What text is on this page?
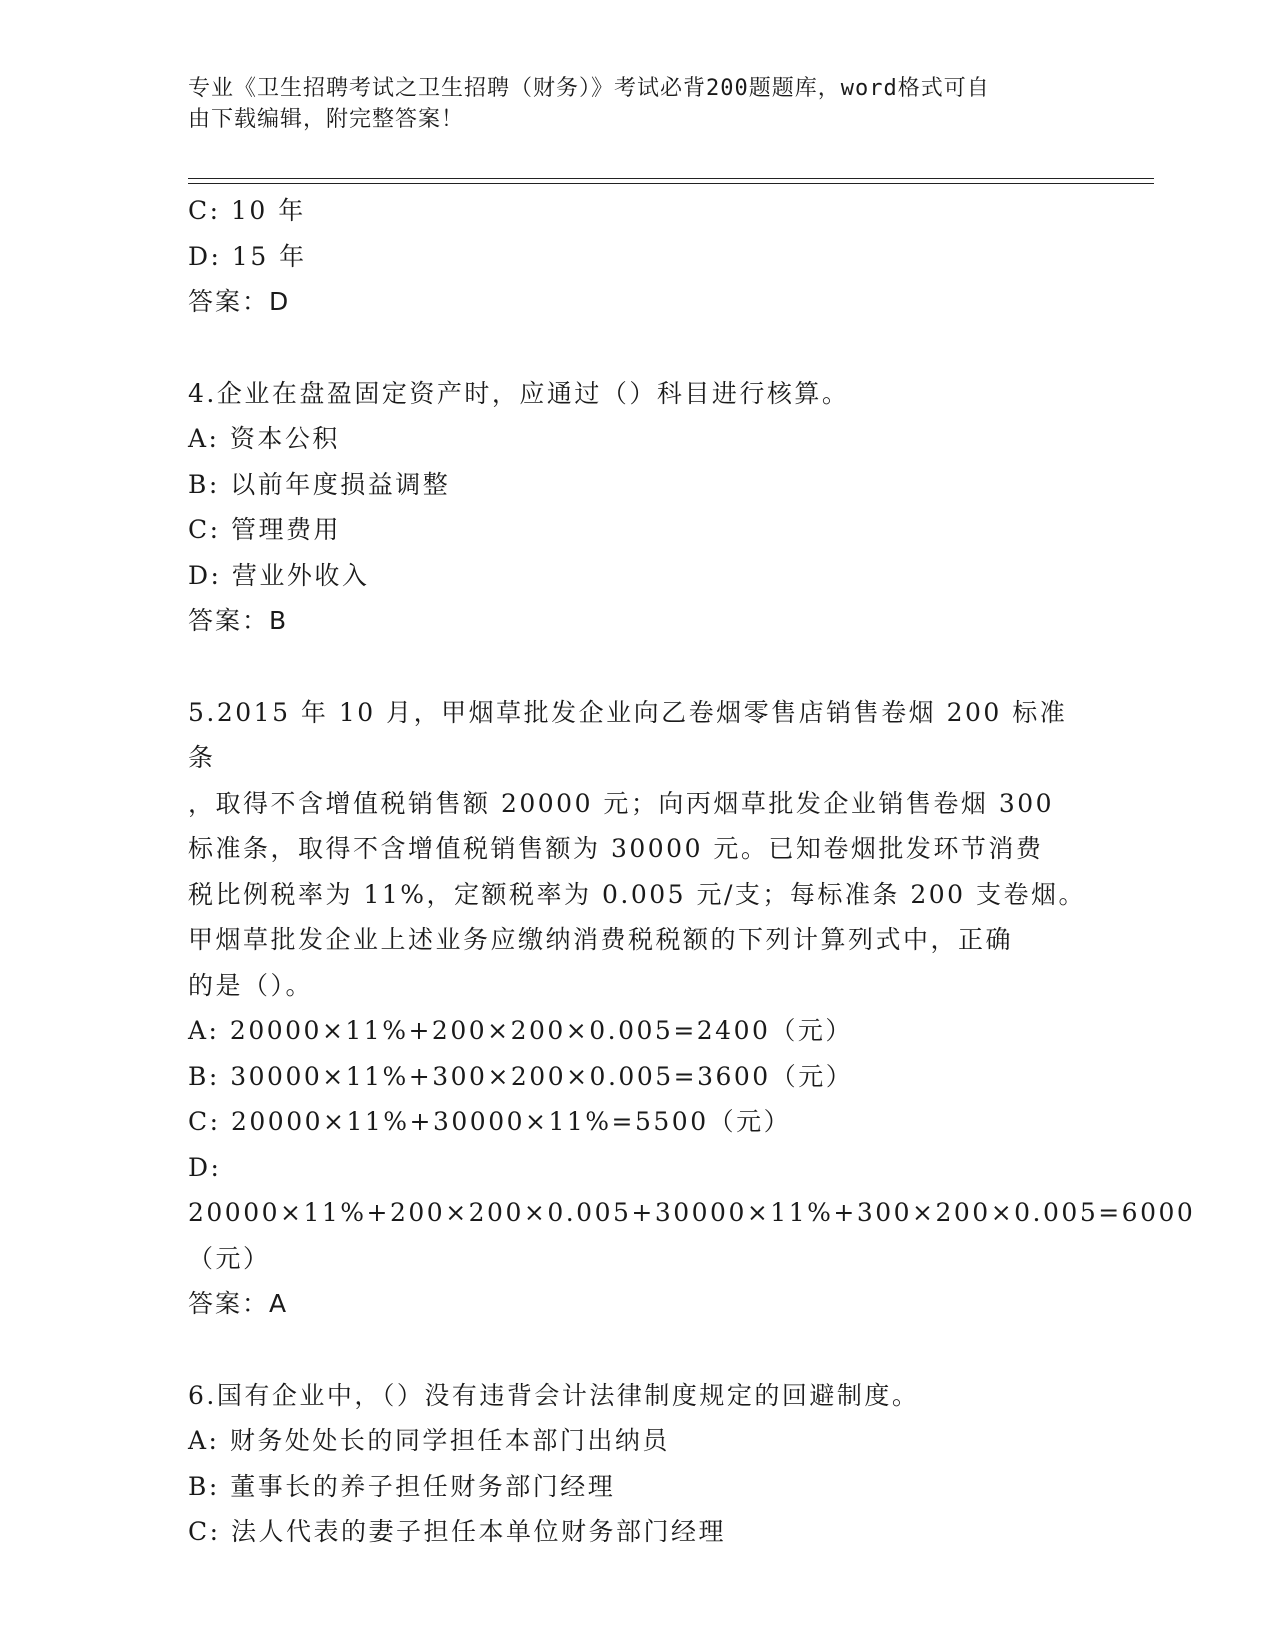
专业《卫生招聘考试之卫生招聘（财务）》考试必背200题题库，word格式可自
由下载编辑，附完整答案！
C: 10 年
D: 15 年
答案：D
4.企业在盘盈固定资产时，应通过（）科目进行核算。
A: 资本公积
B: 以前年度损益调整
C: 管理费用
D: 营业外收入
答案：B
5.2015 年 10 月，甲烟草批发企业向乙卷烟零售店销售卷烟 200 标准条
，取得不含增值税销售额 20000 元；向丙烟草批发企业销售卷烟 300
标准条，取得不含增值税销售额为 30000 元。已知卷烟批发环节消费
税比例税率为 11%，定额税率为 0.005 元/支；每标准条 200 支卷烟。
甲烟草批发企业上述业务应缴纳消费税税额的下列计算列式中，正确
的是（）。
A: 20000×11%+200×200×0.005=2400（元）
B: 30000×11%+300×200×0.005=3600（元）
C: 20000×11%+30000×11%=5500（元）
D: 20000×11%+200×200×0.005+30000×11%+300×200×0.005=6000
（元）
答案：A
6.国有企业中，（）没有违背会计法律制度规定的回避制度。
A: 财务处处长的同学担任本部门出纳员
B: 董事长的养子担任财务部门经理
C: 法人代表的妻子担任本单位财务部门经理
